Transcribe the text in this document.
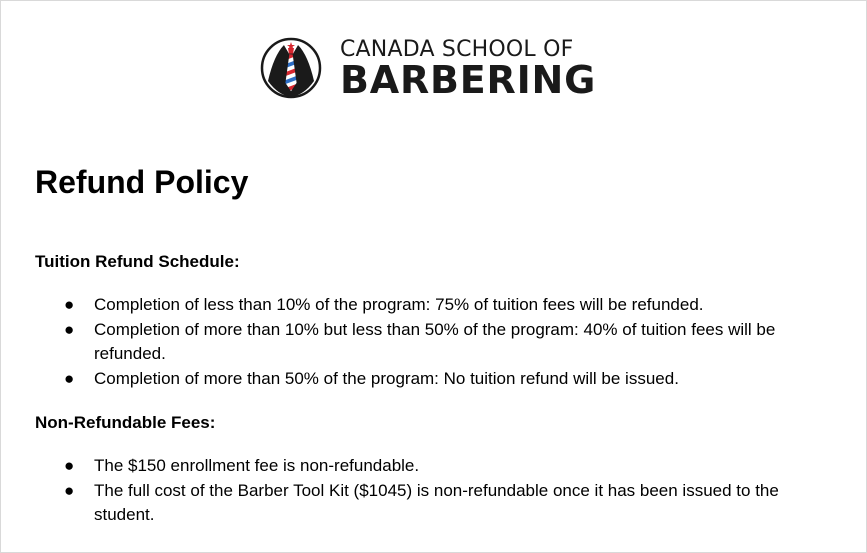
CANADA SCHOOL OF
BARBERING
Refund Policy

Tuition Refund Schedule:

● Completion of less than 10% of the program: 75% of tuition fees will be refunded.
● Completion of more than 10% but less than 50% of the program: 40% of tuition fees will be refunded.
● Completion of more than 50% of the program: No tuition refund will be issued.

Non-Refundable Fees:

● The $150 enrollment fee is non-refundable.
● The full cost of the Barber Tool Kit ($1045) is non-refundable once it has been issued to the student.
